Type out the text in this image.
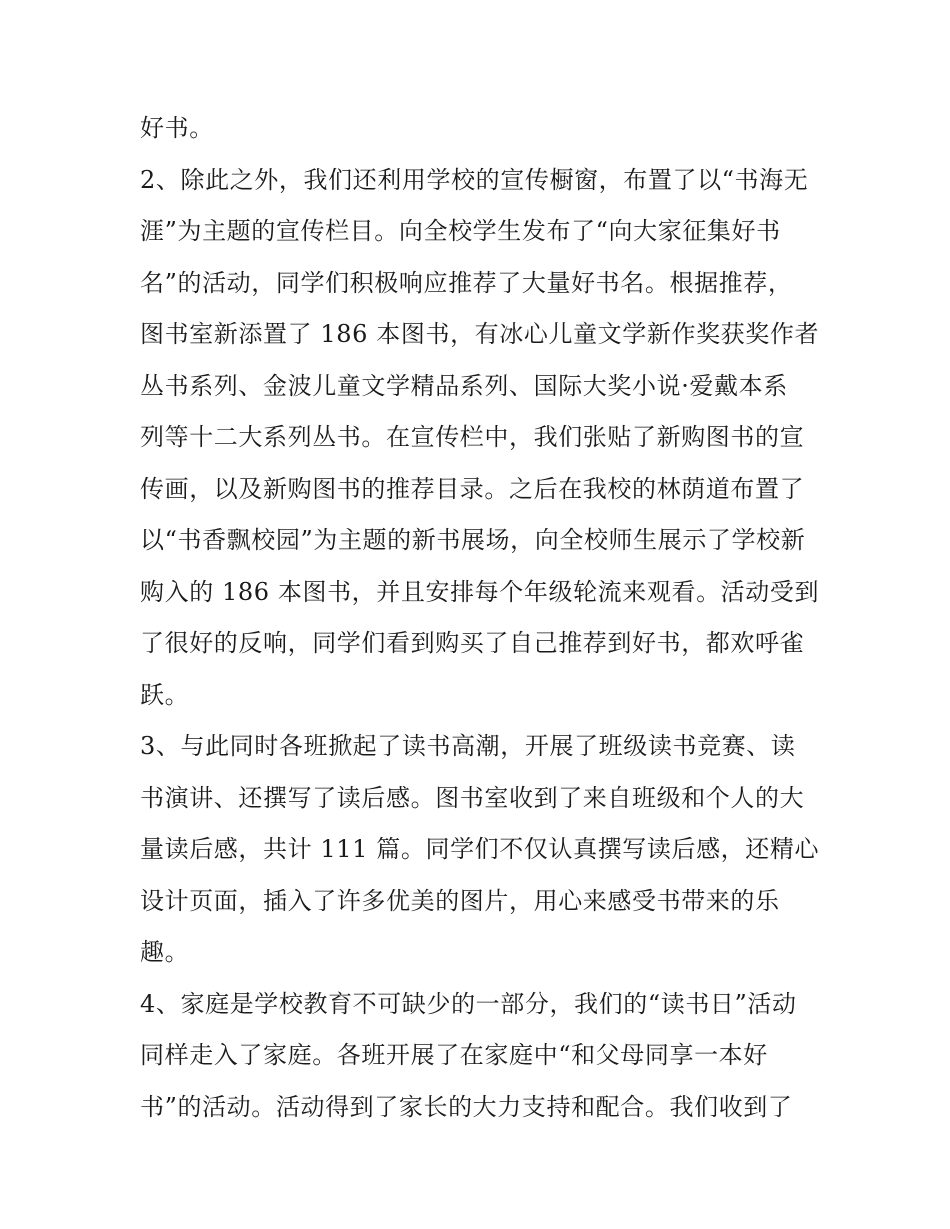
好书。
2、除此之外，我们还利用学校的宣传橱窗，布置了以“书海无
涯”为主题的宣传栏目。向全校学生发布了“向大家征集好书
名”的活动，同学们积极响应推荐了大量好书名。根据推荐，
图书室新添置了 186 本图书，有冰心儿童文学新作奖获奖作者
丛书系列、金波儿童文学精品系列、国际大奖小说·爱戴本系
列等十二大系列丛书。在宣传栏中，我们张贴了新购图书的宣
传画，以及新购图书的推荐目录。之后在我校的林荫道布置了
以“书香飘校园”为主题的新书展场，向全校师生展示了学校新
购入的 186 本图书，并且安排每个年级轮流来观看。活动受到
了很好的反响，同学们看到购买了自己推荐到好书，都欢呼雀
跃。
3、与此同时各班掀起了读书高潮，开展了班级读书竞赛、读
书演讲、还撰写了读后感。图书室收到了来自班级和个人的大
量读后感，共计 111 篇。同学们不仅认真撰写读后感，还精心
设计页面，插入了许多优美的图片，用心来感受书带来的乐
趣。
4、家庭是学校教育不可缺少的一部分，我们的“读书日”活动
同样走入了家庭。各班开展了在家庭中“和父母同享一本好
书”的活动。活动得到了家长的大力支持和配合。我们收到了
